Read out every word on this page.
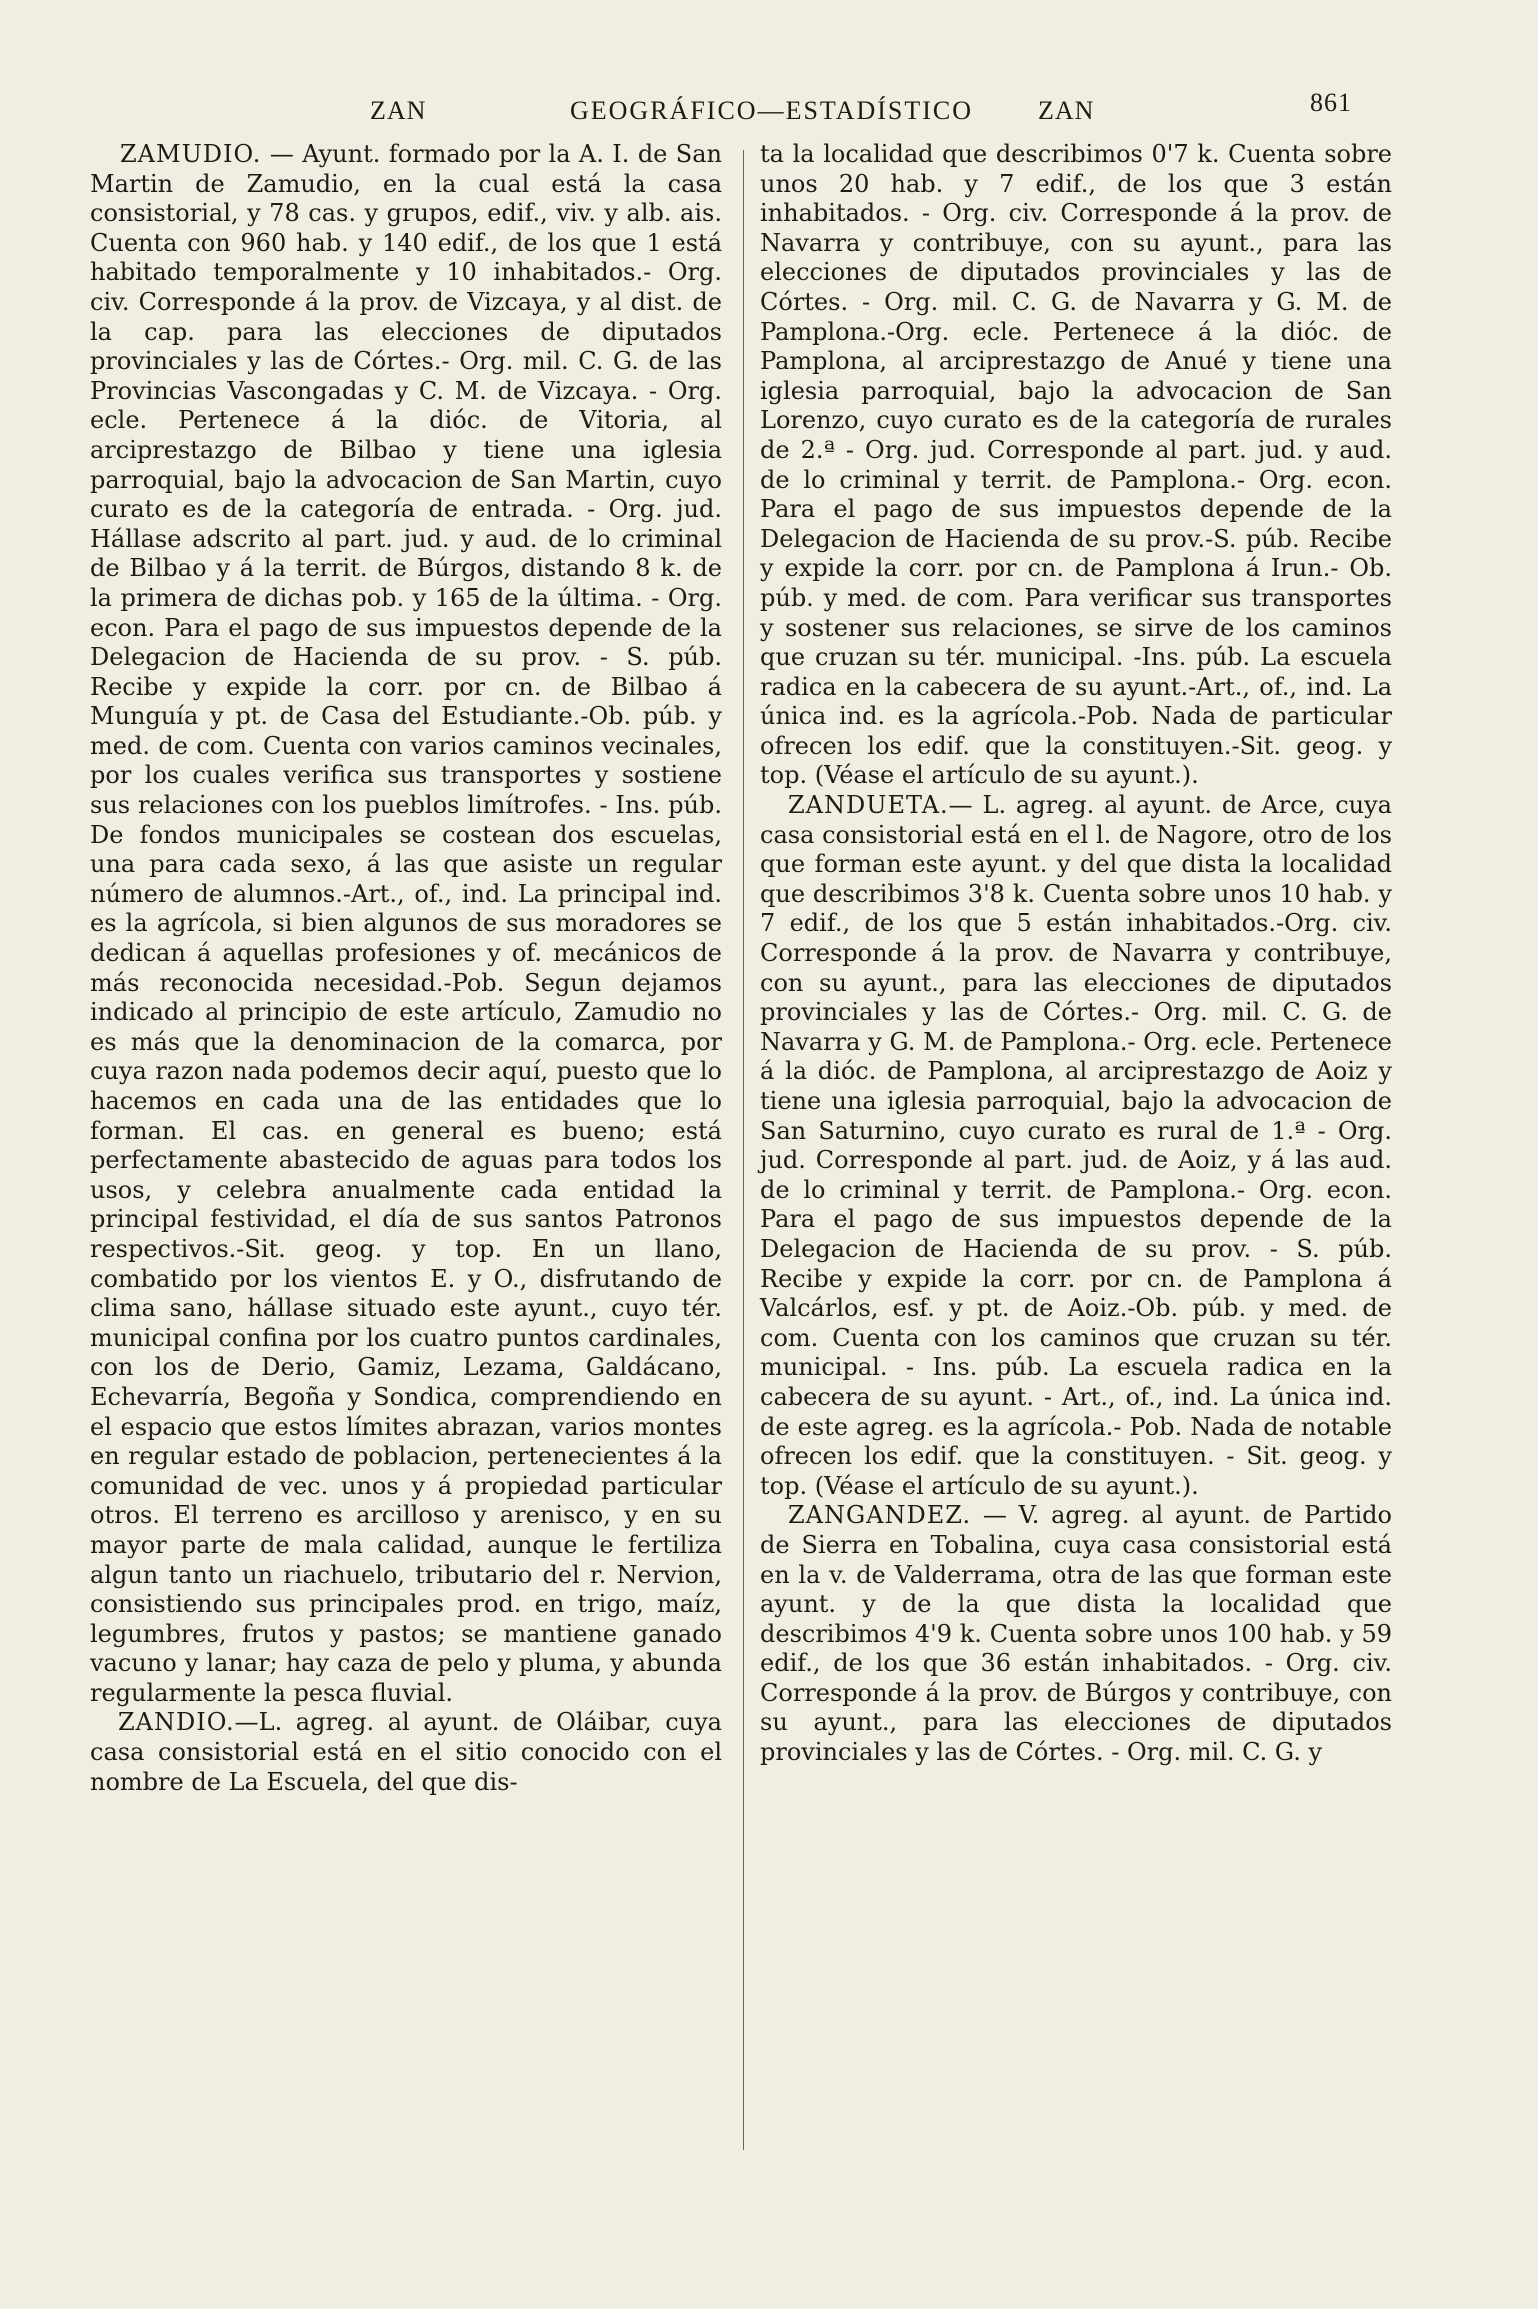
ZAN	GEOGRÁFICO—ESTADÍSTICO ZAN	861

ZAMUDIO. — Ayunt. formado por la A. I. de San Martin de Zamudio, en la cual está la casa consistorial, y 78 cas. y grupos, edif., viv. y alb. ais. Cuenta con 960 hab. y 140 edif., de los que 1 está habitado temporalmente y 10 inhabitados.- Org. civ. Corresponde á la prov. de Vizcaya, y al dist. de la cap. para las elecciones de diputados provinciales y las de Córtes.- Org. mil. C. G. de las Provincias Vascongadas y C. M. de Vizcaya. - Org. ecle. Pertenece á la dióc. de Vitoria, al arciprestazgo de Bilbao y tiene una iglesia parroquial, bajo la advocacion de San Martin, cuyo curato es de la categoría de entrada. - Org. jud. Hállase adscrito al part. jud. y aud. de lo criminal de Bilbao y á la territ. de Búrgos, distando 8 k. de la primera de dichas pob. y 165 de la última. - Org. econ. Para el pago de sus impuestos depende de la Delegacion de Hacienda de su prov. - S. púb. Recibe y expide la corr. por cn. de Bilbao á Munguía y pt. de Casa del Estudiante.-Ob. púb. y med. de com. Cuenta con varios caminos vecinales, por los cuales verifica sus transportes y sostiene sus relaciones con los pueblos limítrofes. - Ins. púb. De fondos municipales se costean dos escuelas, una para cada sexo, á las que asiste un regular número de alumnos.-Art., of., ind. La principal ind. es la agrícola, si bien algunos de sus moradores se dedican á aquellas profesiones y of. mecánicos de más reconocida necesidad.-Pob. Segun dejamos indicado al principio de este artículo, Zamudio no es más que la denominacion de la comarca, por cuya razon nada podemos decir aquí, puesto que lo hacemos en cada una de las entidades que lo forman. El cas. en general es bueno; está perfectamente abastecido de aguas para todos los usos, y celebra anualmente cada entidad la principal festividad, el día de sus santos Patronos respectivos.-Sit. geog. y top. En un llano, combatido por los vientos E. y O., disfrutando de clima sano, hállase situado este ayunt., cuyo tér. municipal confina por los cuatro puntos cardinales, con los de Derio, Gamiz, Lezama, Galdácano, Echevarría, Begoña y Sondica, comprendiendo en el espacio que estos límites abrazan, varios montes en regular estado de poblacion, pertenecientes á la comunidad de vec. unos y á propiedad particular otros. El terreno es arcilloso y arenisco, y en su mayor parte de mala calidad, aunque le fertiliza algun tanto un riachuelo, tributario del r. Nervion, consistiendo sus principales prod. en trigo, maíz, legumbres, frutos y pastos; se mantiene ganado vacuno y lanar; hay caza de pelo y pluma, y abunda regularmente la pesca fluvial.

ZANDIO.—L. agreg. al ayunt. de Oláibar, cuya casa consistorial está en el sitio conocido con el nombre de La Escuela, del que dis-

ta la localidad que describimos 0'7 k. Cuenta sobre unos 20 hab. y 7 edif., de los que 3 están inhabitados. - Org. civ. Corresponde á la prov. de Navarra y contribuye, con su ayunt., para las elecciones de diputados provinciales y las de Córtes. - Org. mil. C. G. de Navarra y G. M. de Pamplona.-Org. ecle. Pertenece á la dióc. de Pamplona, al arciprestazgo de Anué y tiene una iglesia parroquial, bajo la advocacion de San Lorenzo, cuyo curato es de la categoría de rurales de 2.ª - Org. jud. Corresponde al part. jud. y aud. de lo criminal y territ. de Pamplona.- Org. econ. Para el pago de sus impuestos depende de la Delegacion de Hacienda de su prov.-S. púb. Recibe y expide la corr. por cn. de Pamplona á Irun.- Ob. púb. y med. de com. Para verificar sus transportes y sostener sus relaciones, se sirve de los caminos que cruzan su tér. municipal. -Ins. púb. La escuela radica en la cabecera de su ayunt.-Art., of., ind. La única ind. es la agrícola.-Pob. Nada de particular ofrecen los edif. que la constituyen.-Sit. geog. y top. (Véase el artículo de su ayunt.).

ZANDUETA.— L. agreg. al ayunt. de Arce, cuya casa consistorial está en el l. de Nagore, otro de los que forman este ayunt. y del que dista la localidad que describimos 3'8 k. Cuenta sobre unos 10 hab. y 7 edif., de los que 5 están inhabitados.-Org. civ. Corresponde á la prov. de Navarra y contribuye, con su ayunt., para las elecciones de diputados provinciales y las de Córtes.- Org. mil. C. G. de Navarra y G. M. de Pamplona.- Org. ecle. Pertenece á la dióc. de Pamplona, al arciprestazgo de Aoiz y tiene una iglesia parroquial, bajo la advocacion de San Saturnino, cuyo curato es rural de 1.ª - Org. jud. Corresponde al part. jud. de Aoiz, y á las aud. de lo criminal y territ. de Pamplona.- Org. econ. Para el pago de sus impuestos depende de la Delegacion de Hacienda de su prov. - S. púb. Recibe y expide la corr. por cn. de Pamplona á Valcárlos, esf. y pt. de Aoiz.-Ob. púb. y med. de com. Cuenta con los caminos que cruzan su tér. municipal. - Ins. púb. La escuela radica en la cabecera de su ayunt. - Art., of., ind. La única ind. de este agreg. es la agrícola.- Pob. Nada de notable ofrecen los edif. que la constituyen. - Sit. geog. y top. (Véase el artículo de su ayunt.).

ZANGANDEZ. — V. agreg. al ayunt. de Partido de Sierra en Tobalina, cuya casa consistorial está en la v. de Valderrama, otra de las que forman este ayunt. y de la que dista la localidad que describimos 4'9 k. Cuenta sobre unos 100 hab. y 59 edif., de los que 36 están inhabitados. - Org. civ. Corresponde á la prov. de Búrgos y contribuye, con su ayunt., para las elecciones de diputados provinciales y las de Córtes. - Org. mil. C. G. y
